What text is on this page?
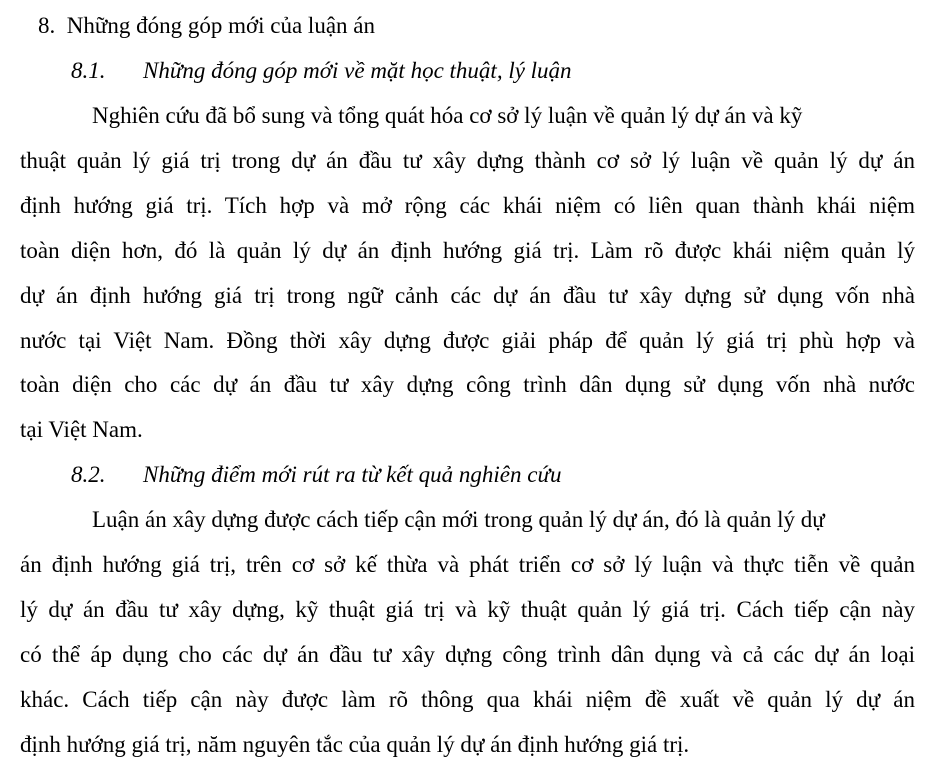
8. Những đóng góp mới của luận án
8.1. Những đóng góp mới về mặt học thuật, lý luận
Nghiên cứu đã bổ sung và tổng quát hóa cơ sở lý luận về quản lý dự án và kỹ
thuật quản lý giá trị trong dự án đầu tư xây dựng thành cơ sở lý luận về quản lý dự án
định hướng giá trị. Tích hợp và mở rộng các khái niệm có liên quan thành khái niệm
toàn diện hơn, đó là quản lý dự án định hướng giá trị. Làm rõ được khái niệm quản lý
dự án định hướng giá trị trong ngữ cảnh các dự án đầu tư xây dựng sử dụng vốn nhà
nước tại Việt Nam. Đồng thời xây dựng được giải pháp để quản lý giá trị phù hợp và
toàn diện cho các dự án đầu tư xây dựng công trình dân dụng sử dụng vốn nhà nước
tại Việt Nam.
8.2. Những điểm mới rút ra từ kết quả nghiên cứu
Luận án xây dựng được cách tiếp cận mới trong quản lý dự án, đó là quản lý dự
án định hướng giá trị, trên cơ sở kế thừa và phát triển cơ sở lý luận và thực tiễn về quản
lý dự án đầu tư xây dựng, kỹ thuật giá trị và kỹ thuật quản lý giá trị. Cách tiếp cận này
có thể áp dụng cho các dự án đầu tư xây dựng công trình dân dụng và cả các dự án loại
khác. Cách tiếp cận này được làm rõ thông qua khái niệm đề xuất về quản lý dự án
định hướng giá trị, năm nguyên tắc của quản lý dự án định hướng giá trị.
